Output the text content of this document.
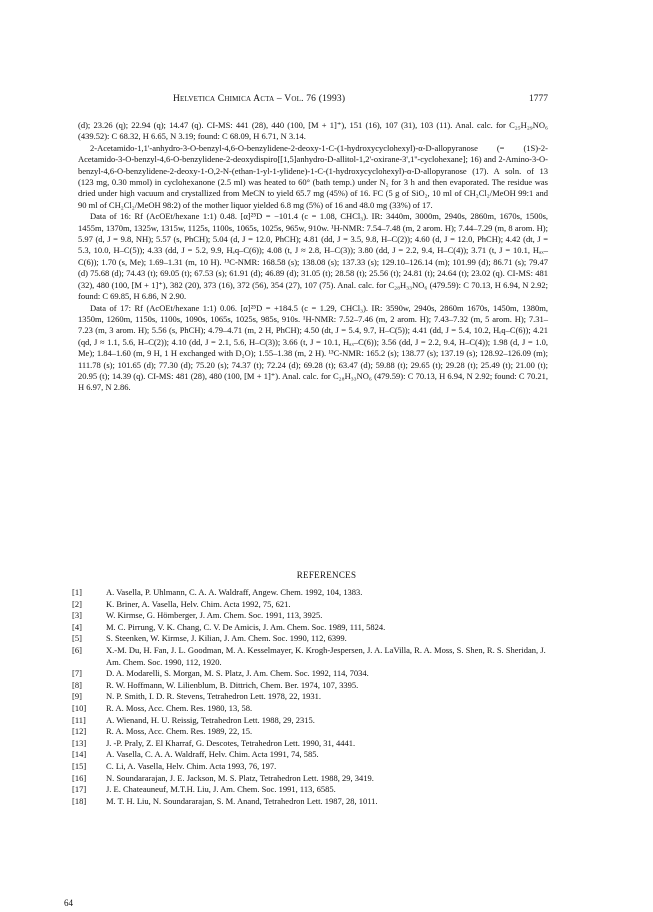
Helvetica Chimica Acta – Vol. 76 (1993)	1777

(d); 23.26 (q); 22.94 (q); 14.47 (q). CI-MS: 441 (28), 440 (100, [M + 1]⁺), 151 (16), 107 (31), 103 (11). Anal. calc. for C₂₅H₂₉NO₆ (439.52): C 68.32, H 6.65, N 3.19; found: C 68.09, H 6.71, N 3.14.

2-Acetamido-1,1'-anhydro-3-O-benzyl-4,6-O-benzylidene-2-deoxy-1-C-(1-hydroxycyclohexyl)-α-D-allopyranose (= (1S)-2-Acetamido-3-O-benzyl-4,6-O-benzylidene-2-deoxydispiro[[1,5]anhydro-D-allitol-1,2'-oxirane-3',1''-cyclohexane]; 16) and 2-Amino-3-O-benzyl-4,6-O-benzylidene-2-deoxy-1-O,2-N-(ethan-1-yl-1-ylidene)-1-C-(1-hydroxycyclohexyl)-α-D-allopyranose (17). A soln. of 13 (123 mg, 0.30 mmol) in cyclohexanone (2.5 ml) was heated to 60° (bath temp.) under N₂ for 3 h and then evaporated. The residue was dried under high vacuum and crystallized from MeCN to yield 65.7 mg (45%) of 16. FC (5 g of SiO₂, 10 ml of CH₂Cl₂/MeOH 99:1 and 90 ml of CH₂Cl₂/MeOH 98:2) of the mother liquor yielded 6.8 mg (5%) of 16 and 48.0 mg (33%) of 17.

Data of 16: Rf (AcOEt/hexane 1:1) 0.48. [α]²⁵D = −101.4 (c = 1.08, CHCl₃). IR: 3440m, 3000m, 2940s, 2860m, 1670s, 1500s, 1455m, 1370m, 1325w, 1315w, 1125s, 1100s, 1065s, 1025s, 965w, 910w. ¹H-NMR: 7.54–7.48 (m, 2 arom. H); 7.44–7.29 (m, 8 arom. H); 5.97 (d, J = 9.8, NH); 5.57 (s, PhCH); 5.04 (d, J = 12.0, PhCH); 4.81 (dd, J = 3.5, 9.8, H–C(2)); 4.60 (d, J = 12.0, PhCH); 4.42 (dt, J = 5.3, 10.0, H–C(5)); 4.33 (dd, J = 5.2, 9.9, Hₑq–C(6)); 4.08 (t, J ≈ 2.8, H–C(3)); 3.80 (dd, J = 2.2, 9.4, H–C(4)); 3.71 (t, J = 10.1, Hₐₓ–C(6)); 1.70 (s, Me); 1.69–1.31 (m, 10 H). ¹³C-NMR: 168.58 (s); 138.08 (s); 137.33 (s); 129.10–126.14 (m); 101.99 (d); 86.71 (s); 79.47 (d) 75.68 (d); 74.43 (t); 69.05 (t); 67.53 (s); 61.91 (d); 46.89 (d); 31.05 (t); 28.58 (t); 25.56 (t); 24.81 (t); 24.64 (t); 23.02 (q). CI-MS: 481 (32), 480 (100, [M + 1]⁺), 382 (20), 373 (16), 372 (56), 354 (27), 107 (75). Anal. calc. for C₂₈H₃₃NO₆ (479.59): C 70.13, H 6.94, N 2.92; found: C 69.85, H 6.86, N 2.90.

Data of 17: Rf (AcOEt/hexane 1:1) 0.06. [α]²⁵D = +184.5 (c = 1.29, CHCl₃). IR: 3590w, 2940s, 2860m 1670s, 1450m, 1380m, 1350m, 1260m, 1150s, 1100s, 1090s, 1065s, 1025s, 985s, 910s. ¹H-NMR: 7.52–7.46 (m, 2 arom. H); 7.43–7.32 (m, 5 arom. H); 7.31–7.23 (m, 3 arom. H); 5.56 (s, PhCH); 4.79–4.71 (m, 2 H, PhCH); 4.50 (dt, J = 5.4, 9.7, H–C(5)); 4.41 (dd, J = 5.4, 10.2, Hₑq–C(6)); 4.21 (qd, J ≈ 1.1, 5.6, H–C(2)); 4.10 (dd, J = 2.1, 5.6, H–C(3)); 3.66 (t, J = 10.1, Hₐₓ–C(6)); 3.56 (dd, J = 2.2, 9.4, H–C(4)); 1.98 (d, J = 1.0, Me); 1.84–1.60 (m, 9 H, 1 H exchanged with D₂O); 1.55–1.38 (m, 2 H). ¹³C-NMR: 165.2 (s); 138.77 (s); 137.19 (s); 128.92–126.09 (m); 111.78 (s); 101.65 (d); 77.30 (d); 75.20 (s); 74.37 (t); 72.24 (d); 69.28 (t); 63.47 (d); 59.88 (t); 29.65 (t); 29.28 (t); 25.49 (t); 21.00 (t); 20.95 (t); 14.39 (q). CI-MS: 481 (28), 480 (100, [M + 1]⁺). Anal. calc. for C₂₈H₃₃NO₆ (479.59): C 70.13, H 6.94, N 2.92; found: C 70.21, H 6.97, N 2.86.

REFERENCES
[1]	A. Vasella, P. Uhlmann, C. A. A. Waldraff, Angew. Chem. 1992, 104, 1383.
[2]	K. Briner, A. Vasella, Helv. Chim. Acta 1992, 75, 621.
[3]	W. Kirmse, G. Hömberger, J. Am. Chem. Soc. 1991, 113, 3925.
[4]	M. C. Pirrung, V. K. Chang, C. V. De Amicis, J. Am. Chem. Soc. 1989, 111, 5824.
[5]	S. Steenken, W. Kirmse, J. Kilian, J. Am. Chem. Soc. 1990, 112, 6399.
[6]	X.-M. Du, H. Fan, J. L. Goodman, M. A. Kesselmayer, K. Krogh-Jespersen, J. A. LaVilla, R. A. Moss, S. Shen, R. S. Sheridan, J. Am. Chem. Soc. 1990, 112, 1920.
[7]	D. A. Modarelli, S. Morgan, M. S. Platz, J. Am. Chem. Soc. 1992, 114, 7034.
[8]	R. W. Hoffmann, W. Lilienblum, B. Dittrich, Chem. Ber. 1974, 107, 3395.
[9]	N. P. Smith, I. D. R. Stevens, Tetrahedron Lett. 1978, 22, 1931.
[10]	R. A. Moss, Acc. Chem. Res. 1980, 13, 58.
[11]	A. Wienand, H. U. Reissig, Tetrahedron Lett. 1988, 29, 2315.
[12]	R. A. Moss, Acc. Chem. Res. 1989, 22, 15.
[13]	J. -P. Praly, Z. El Kharraf, G. Descotes, Tetrahedron Lett. 1990, 31, 4441.
[14]	A. Vasella, C. A. A. Waldraff, Helv. Chim. Acta 1991, 74, 585.
[15]	C. Li, A. Vasella, Helv. Chim. Acta 1993, 76, 197.
[16]	N. Soundararajan, J. E. Jackson, M. S. Platz, Tetrahedron Lett. 1988, 29, 3419.
[17]	J. E. Chateauneuf, M.T.H. Liu, J. Am. Chem. Soc. 1991, 113, 6585.
[18]	M. T. H. Liu, N. Soundararajan, S. M. Anand, Tetrahedron Lett. 1987, 28, 1011.
64
